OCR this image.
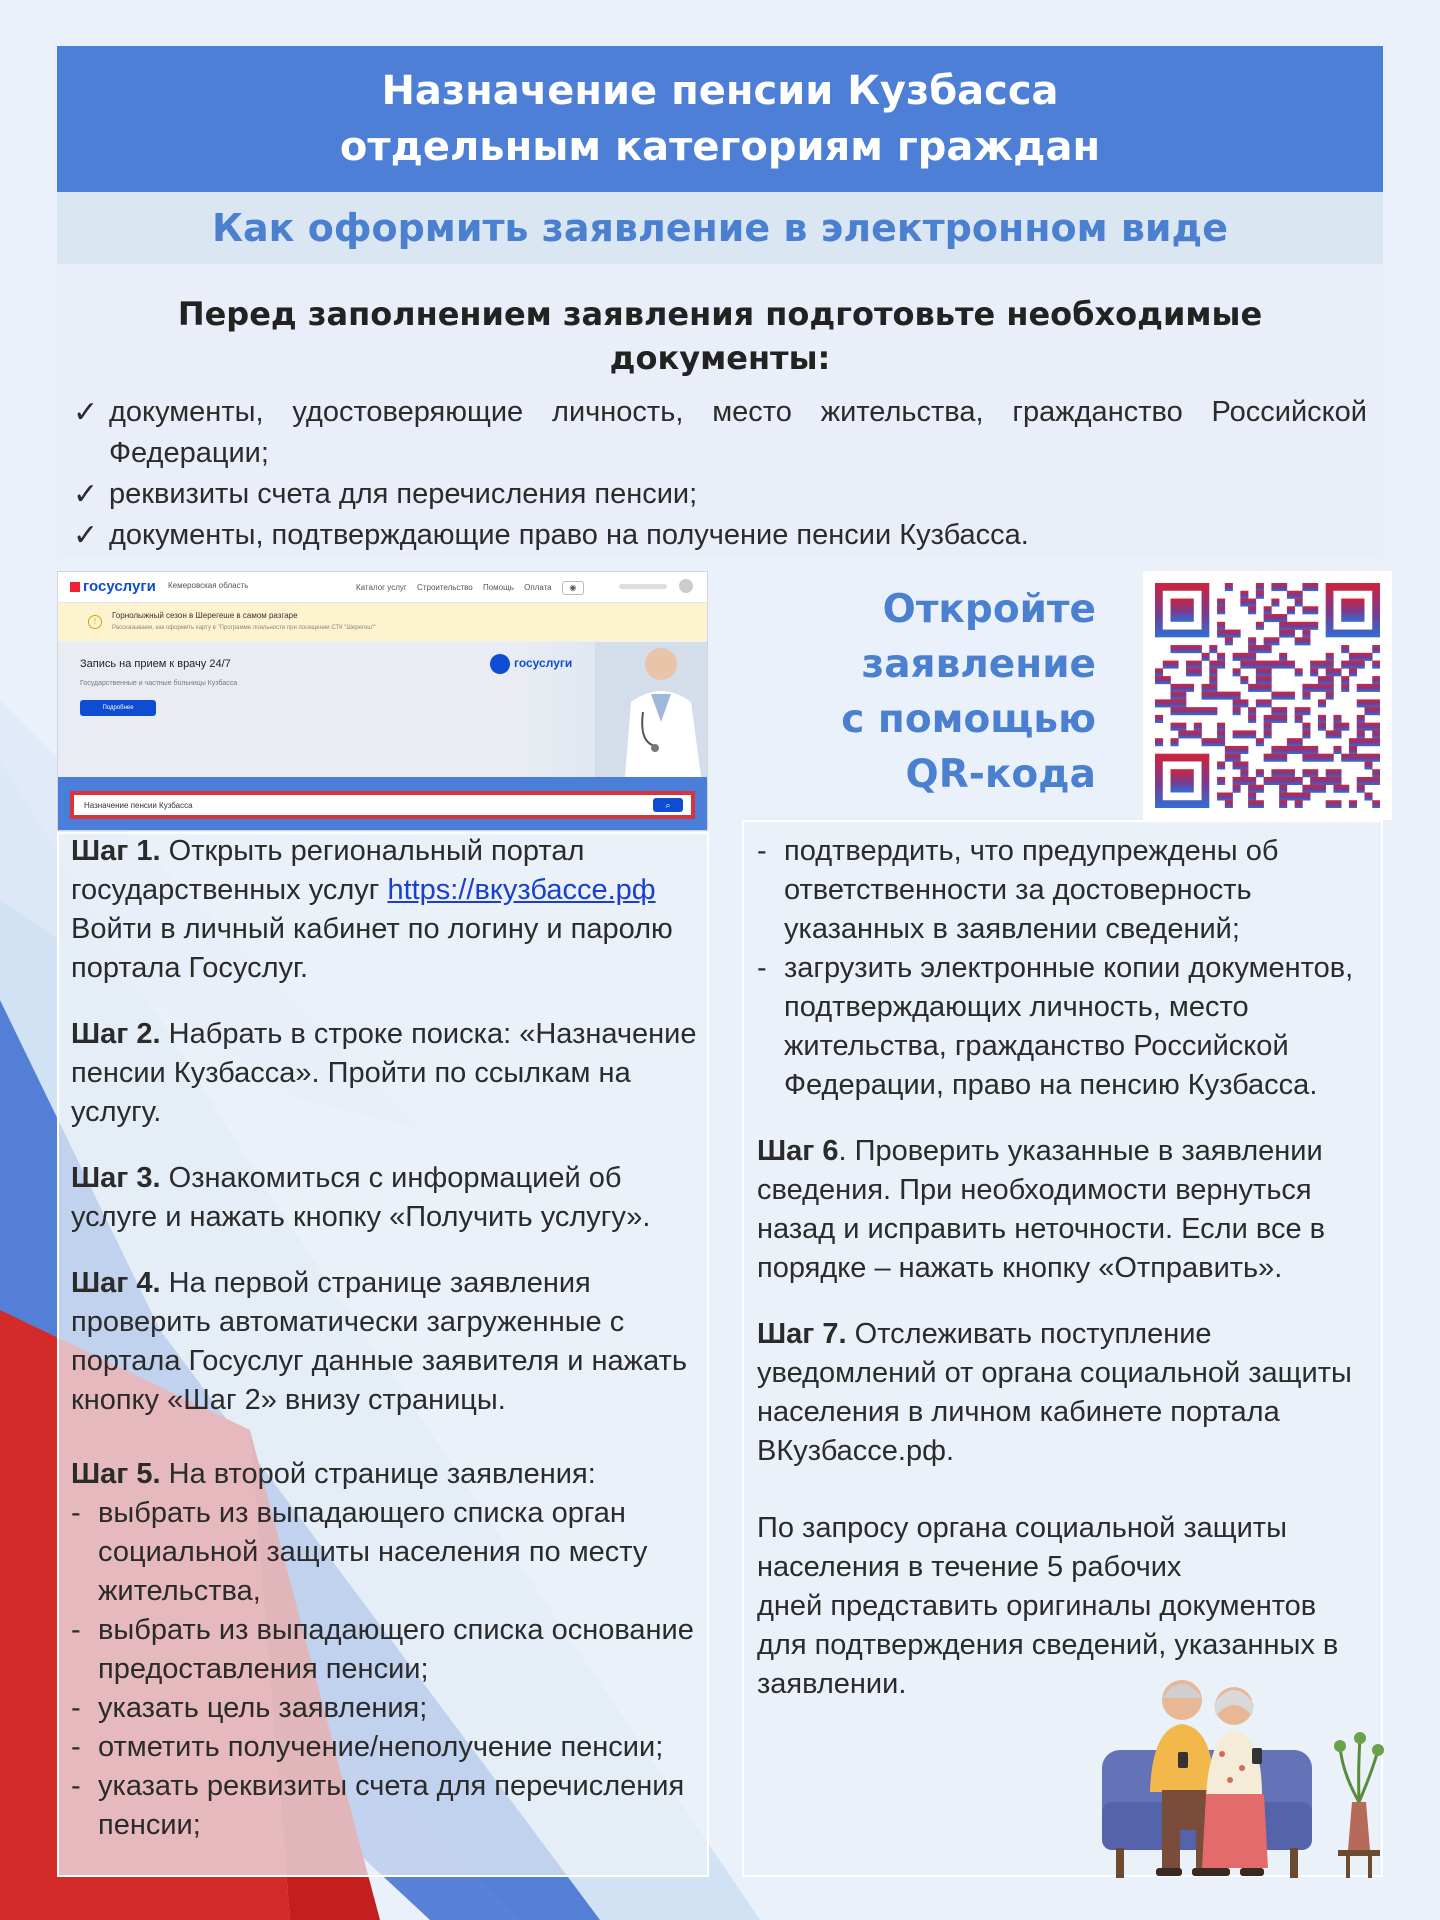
Назначение пенсии Кузбасса
отдельным категориям граждан
Как оформить заявление в электронном виде
Перед заполнением заявления подготовьте необходимые документы:
✓ документы, удостоверяющие личность, место жительства, гражданство Российской Федерации;
✓ реквизиты счета для перечисления пенсии;
✓ документы, подтверждающие право на получение пенсии Кузбасса.
госуслуги Кемеровская область	Каталог услуг Строительство Помощь Оплата ◉
!
Горнолыжный сезон в Шерегеше в самом разгаре
Рассказываем, как оформить карту в "Программе лояльности при посещении СТК "Шерегеш""
Запись на прием к врачу 24/7
Государственные и частные больницы Кузбасса
Подробнее
госуслуги
Назначение пенсии Кузбасса	⌕
Откройте
заявление
с помощью
QR-кода

Шаг 1. Открыть региональный портал государственных услуг https://вкузбассе.рф
Войти в личный кабинет по логину и паролю портала Госуслуг.

Шаг 2. Набрать в строке поиска: «Назначение пенсии Кузбасса». Пройти по ссылкам на услугу.

Шаг 3. Ознакомиться с информацией об услуге и нажать кнопку «Получить услугу».

Шаг 4. На первой странице заявления проверить автоматически загруженные с портала Госуслуг данные заявителя и нажать кнопку «Шаг 2» внизу страницы.

Шаг 5. На второй странице заявления:

- выбрать из выпадающего списка орган социальной защиты населения по месту жительства,
- выбрать из выпадающего списка основание предоставления пенсии;
- указать цель заявления;
- отметить получение/неполучение пенсии;
- указать реквизиты счета для перечисления пенсии;
- подтвердить, что предупреждены об ответственности за достоверность указанных в заявлении сведений;
- загрузить электронные копии документов, подтверждающих личность, место жительства, гражданство Российской Федерации, право на пенсию Кузбасса.

Шаг 6. Проверить указанные в заявлении сведения. При необходимости вернуться назад и исправить неточности. Если все в порядке – нажать кнопку «Отправить».

Шаг 7. Отслеживать поступление уведомлений от органа социальной защиты населения в личном кабинете портала ВКузбассе.рф.

По запросу органа социальной защиты
населения в течение 5 рабочих
дней представить оригиналы документов для подтверждения сведений, указанных в заявлении.
